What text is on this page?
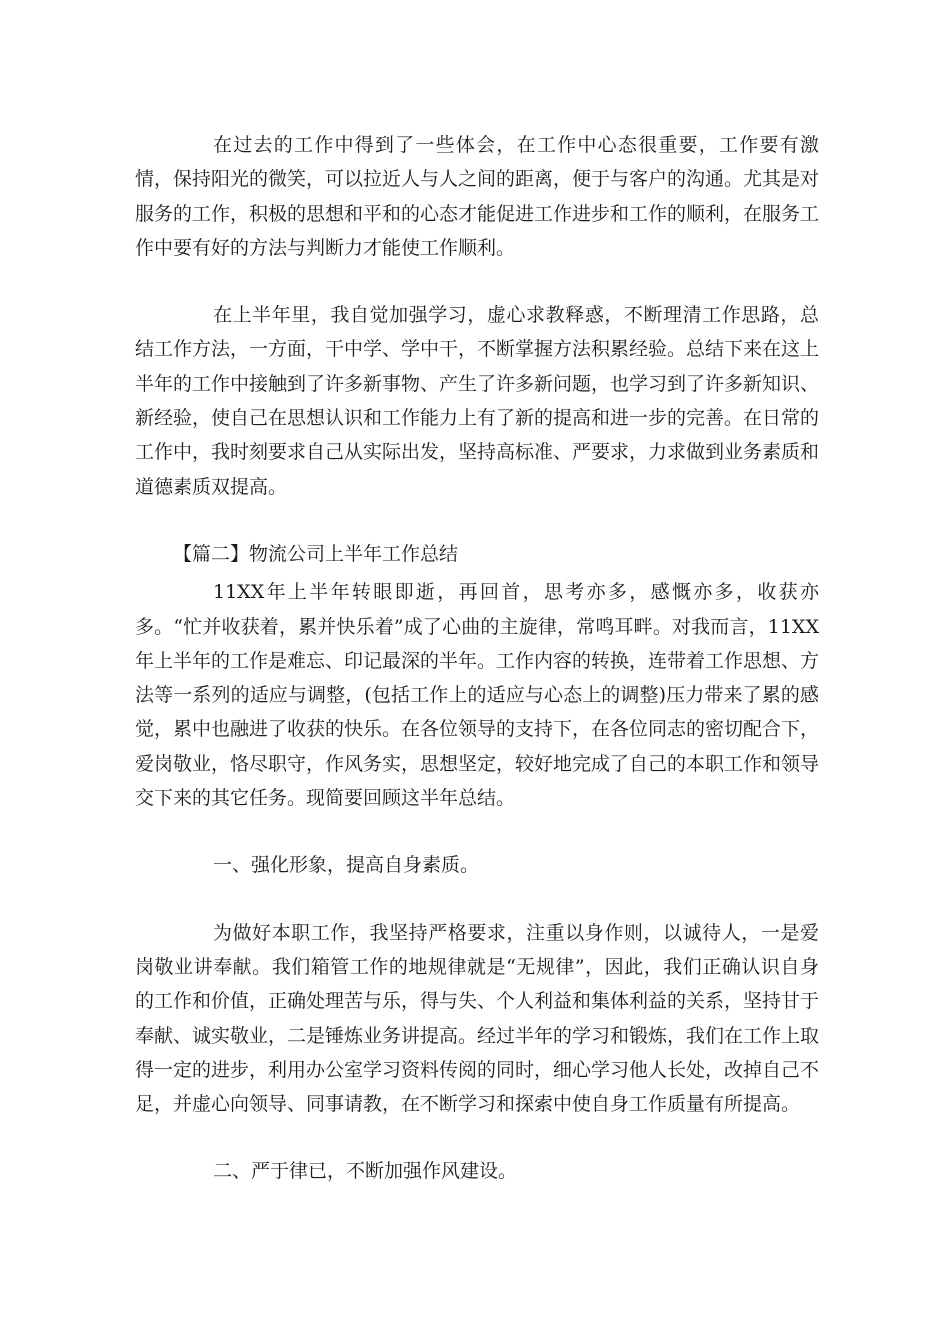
在过去的工作中得到了一些体会，在工作中心态很重要，工作要有激情，保持阳光的微笑，可以拉近人与人之间的距离，便于与客户的沟通。尤其是对服务的工作，积极的思想和平和的心态才能促进工作进步和工作的顺利，在服务工作中要有好的方法与判断力才能使工作顺利。

在上半年里，我自觉加强学习，虚心求教释惑，不断理清工作思路，总结工作方法，一方面，干中学、学中干，不断掌握方法积累经验。总结下来在这上半年的工作中接触到了许多新事物、产生了许多新问题，也学习到了许多新知识、新经验，使自己在思想认识和工作能力上有了新的提高和进一步的完善。在日常的工作中，我时刻要求自己从实际出发，坚持高标准、严要求，力求做到业务素质和道德素质双提高。

【篇二】物流公司上半年工作总结

11XX年上半年转眼即逝，再回首，思考亦多，感慨亦多，收获亦多。“忙并收获着，累并快乐着”成了心曲的主旋律，常鸣耳畔。对我而言，11XX年上半年的工作是难忘、印记最深的半年。工作内容的转换，连带着工作思想、方法等一系列的适应与调整，(包括工作上的适应与心态上的调整)压力带来了累的感觉，累中也融进了收获的快乐。在各位领导的支持下，在各位同志的密切配合下，爱岗敬业，恪尽职守，作风务实，思想坚定，较好地完成了自己的本职工作和领导交下来的其它任务。现简要回顾这半年总结。

一、强化形象，提高自身素质。

为做好本职工作，我坚持严格要求，注重以身作则，以诚待人，一是爱岗敬业讲奉献。我们箱管工作的地规律就是“无规律”，因此，我们正确认识自身的工作和价值，正确处理苦与乐，得与失、个人利益和集体利益的关系，坚持甘于奉献、诚实敬业，二是锤炼业务讲提高。经过半年的学习和锻炼，我们在工作上取得一定的进步，利用办公室学习资料传阅的同时，细心学习他人长处，改掉自己不足，并虚心向领导、同事请教，在不断学习和探索中使自身工作质量有所提高。

二、严于律已，不断加强作风建设。
